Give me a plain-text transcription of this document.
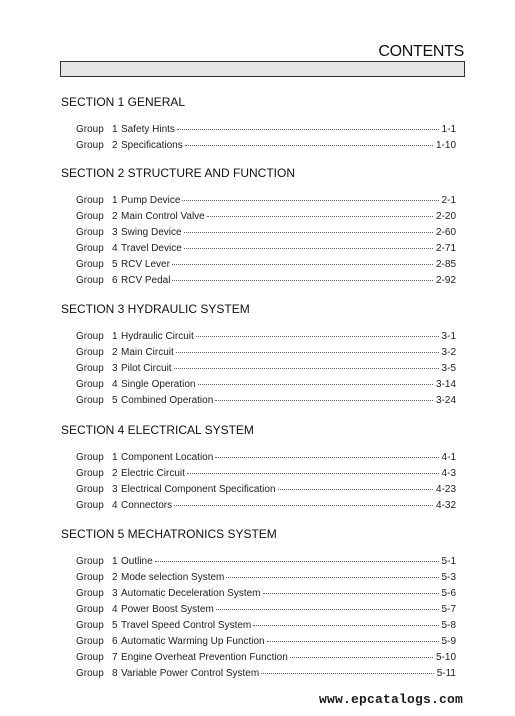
CONTENTS
SECTION 1 GENERAL
Group 1 Safety Hints	1-1
Group 2 Specifications	1-10
SECTION 2 STRUCTURE AND FUNCTION
Group 1 Pump Device	2-1
Group 2 Main Control Valve	2-20
Group 3 Swing Device	2-60
Group 4 Travel Device	2-71
Group 5 RCV Lever	2-85
Group 6 RCV Pedal	2-92
SECTION 3 HYDRAULIC SYSTEM
Group 1 Hydraulic Circuit	3-1
Group 2 Main Circuit	3-2
Group 3 Pilot Circuit	3-5
Group 4 Single Operation	3-14
Group 5 Combined Operation	3-24
SECTION 4 ELECTRICAL SYSTEM
Group 1 Component Location	4-1
Group 2 Electric Circuit	4-3
Group 3 Electrical Component Specification	4-23
Group 4 Connectors	4-32
SECTION 5 MECHATRONICS SYSTEM
Group 1 Outline	5-1
Group 2 Mode selection System	5-3
Group 3 Automatic Deceleration System	5-6
Group 4 Power Boost System	5-7
Group 5 Travel Speed Control System	5-8
Group 6 Automatic Warming Up Function	5-9
Group 7 Engine Overheat Prevention Function	5-10
Group 8 Variable Power Control System	5-11
www.epcatalogs.com
